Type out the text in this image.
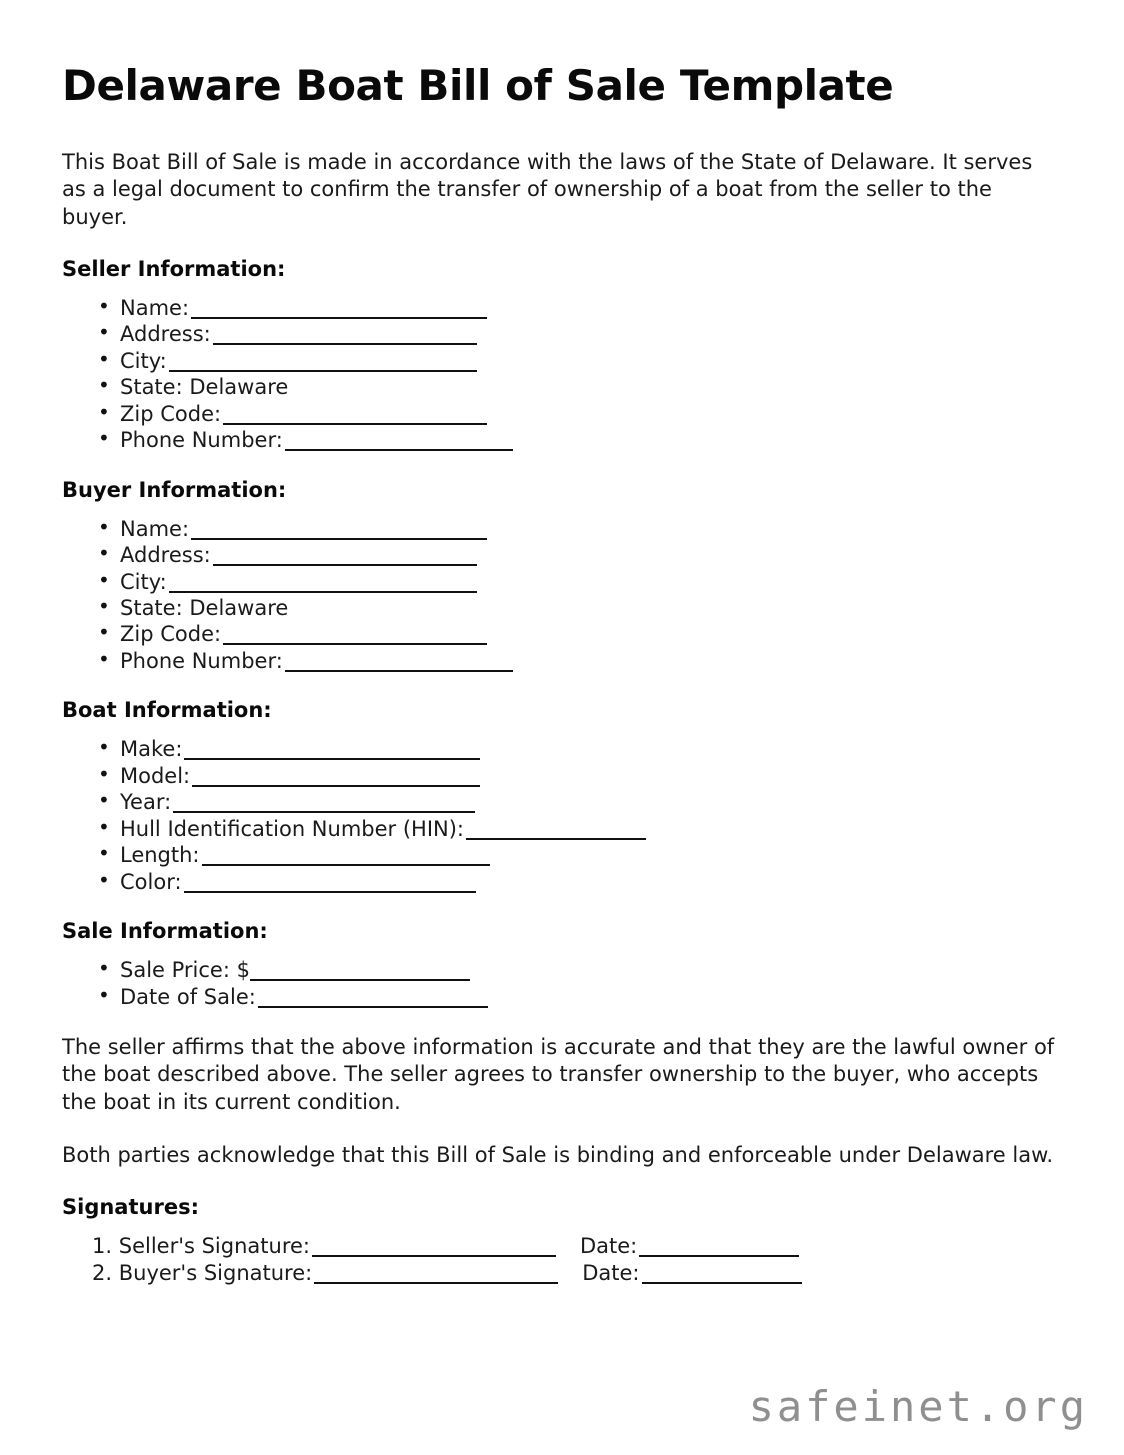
Delaware Boat Bill of Sale Template

This Boat Bill of Sale is made in accordance with the laws of the State of Delaware. It serves as a legal document to confirm the transfer of ownership of a boat from the seller to the buyer.

Seller Information:
• Name:
• Address:
• City:
• State: Delaware
• Zip Code:
• Phone Number:
Buyer Information:
• Name:
• Address:
• City:
• State: Delaware
• Zip Code:
• Phone Number:
Boat Information:
• Make:
• Model:
• Year:
• Hull Identification Number (HIN):
• Length:
• Color:
Sale Information:
• Sale Price: $
• Date of Sale:

The seller affirms that the above information is accurate and that they are the lawful owner of the boat described above. The seller agrees to transfer ownership to the buyer, who accepts the boat in its current condition.

Both parties acknowledge that this Bill of Sale is binding and enforceable under Delaware law.

Signatures:
Seller's Signature:	Date:
Buyer's Signature:	Date:
safeinet.org
